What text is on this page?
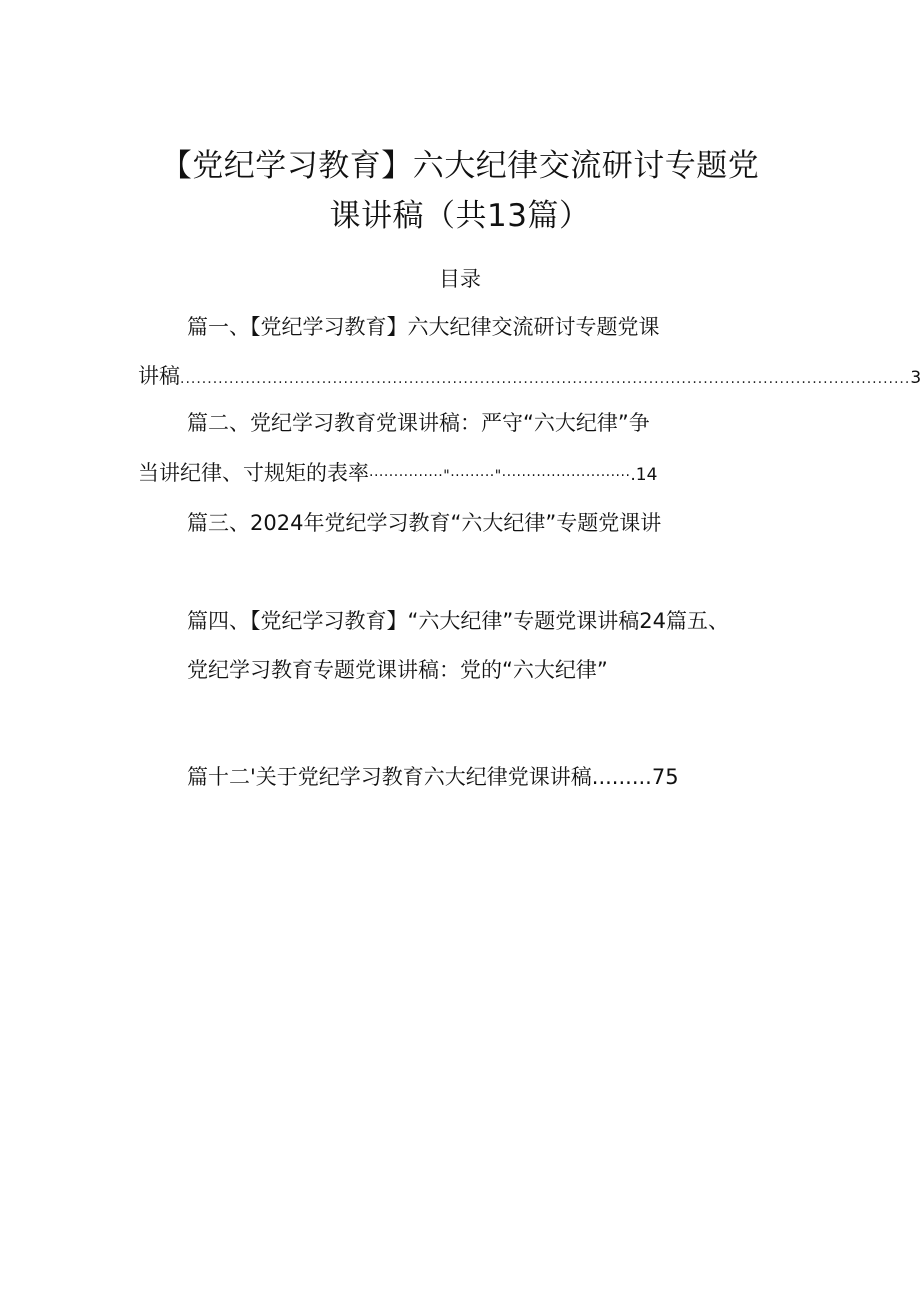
【党纪学习教育】六大纪律交流研讨专题党
课讲稿（共13篇）
目录
篇一、【党纪学习教育】六大纪律交流研讨专题党课
讲稿 ...................................................................................................................................... 3
篇二、党纪学习教育党课讲稿：严守“六大纪律”争
当讲纪律、寸规矩的表率 ···············"·········"·························· .14
篇三、2024年党纪学习教育“六大纪律”专题党课讲
篇四、【党纪学习教育】“六大纪律”专题党课讲稿24篇五、
党纪学习教育专题党课讲稿：党的“六大纪律”
篇十二'关于党纪学习教育六大纪律党课讲稿.........75
